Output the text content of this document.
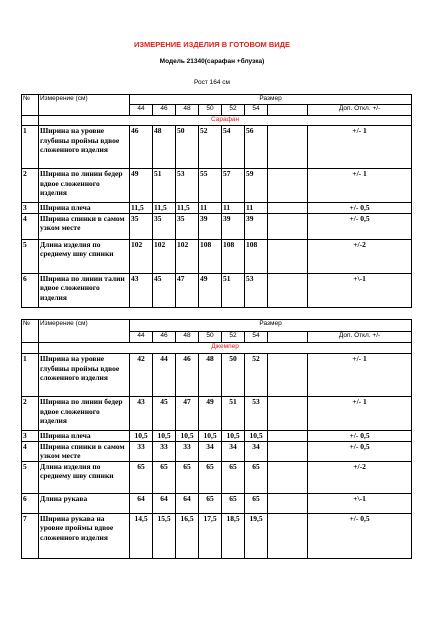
ИЗМЕРЕНИЕ ИЗДЕЛИЯ В ГОТОВОМ ВИДЕ
Модель 21340(сарафан +блузка)
Рост 164 см
№	Измерение (см)	Размер							
		44	46	48	50	52	54		Доп. Откл. +/-
	Сарафан								
1	Ширина на уровне глубины проймы вдвое сложенного изделия	46	48	50	52	54	56		+/- 1
2	Ширина по линии бедер вдвое сложенного изделия	49	51	53	55	57	59		+/- 1
3	Ширина плеча	11,5	11,5	11,5	11	11	11		+/- 0,5
4	Ширина спинки в самом узком месте	35	35	35	39	39	39		+/- 0,5
5	Длина изделия по среднему шву спинки	102	102	102	108	108	108		+/-2
6	Ширина по линии талии вдвое сложенного изделия	43	45	47	49	51	53		+\-1
№	Измерение (см)	Размер							
		44	46	48	50	52	54		Доп. Откл. +/-
	Джемпер								
1	Ширина на уровне глубины проймы вдвое сложенного изделия	42	44	46	48	50	52		+/- 1
2	Ширина по линии бедер вдвое сложенного изделия	43	45	47	49	51	53		+/- 1
3	Ширина плеча	10,5	10,5	10,5	10,5	10,5	10,5		+/- 0,5
4	Ширина спинки в самом узком месте	33	33	33	34	34	34		+/- 0,5
5	Длина изделия по среднему шву спинки	65	65	65	65	65	65		+/-2
6	Длина рукава	64	64	64	65	65	65		+\-1
7	Ширина рукава на уровне проймы вдвое сложенного изделия	14,5	15,5	16,5	17,5	18,5	19,5		+/- 0,5
